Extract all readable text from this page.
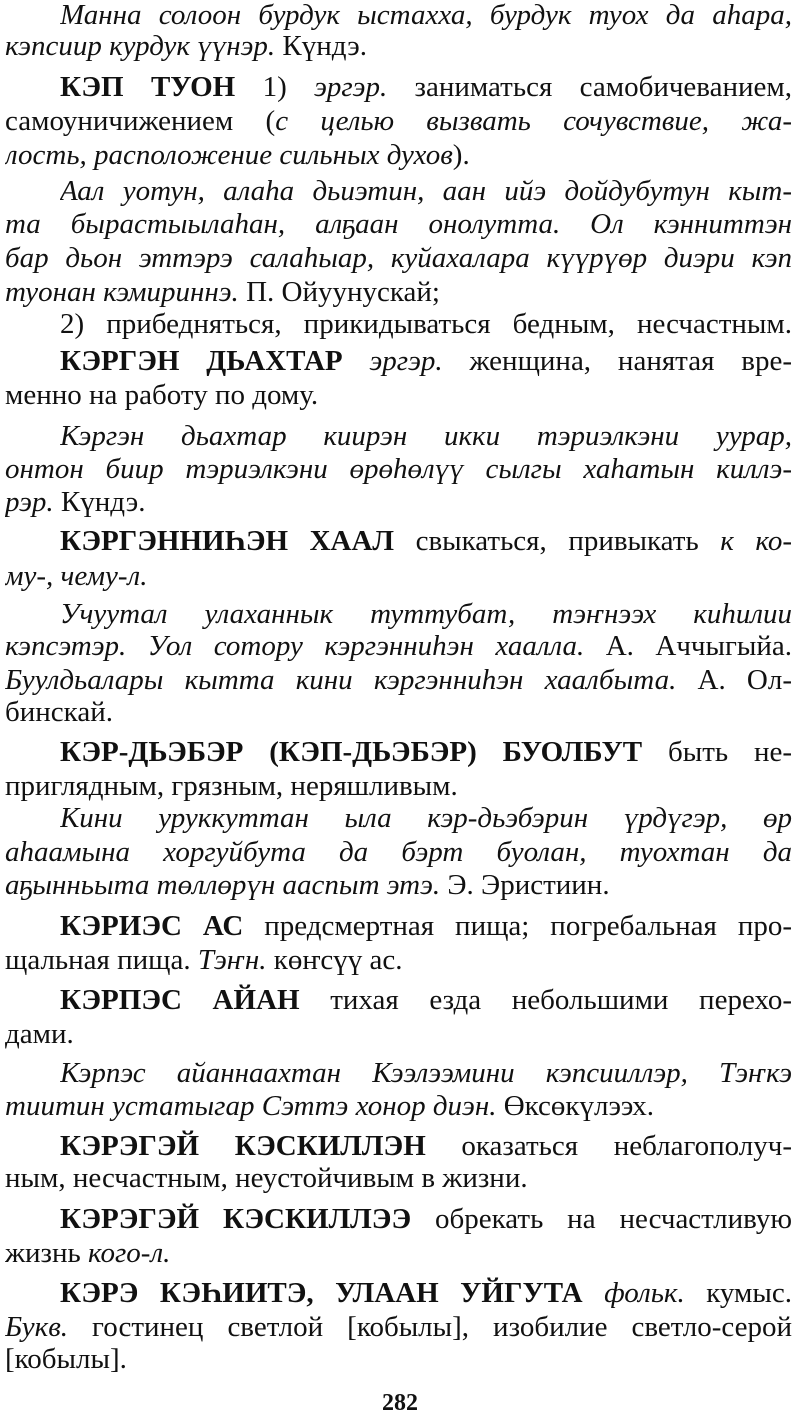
Манна солоон бурдук ыстахха, бурдук туох да аhара,
кэпсиир курдук үүнэр. Күндэ.
КЭП ТУОН 1) эргэр. заниматься самобичеванием,
самоуничижением (с целью вызвать сочувствие, жа-
лость, расположение сильных духов).
Аал уотун, алаhа дьиэтин, аан ийэ дойдубутун кыт-
та бырастыылаhан, алҕаан онолутта. Ол кэнниттэн
бар дьон эттэрэ салаhыар, куйахалара күүрүөр диэри кэп
туонан кэмириннэ. П. Ойуунускай;
2) прибедняться, прикидываться бедным, несчастным.
КЭРГЭН ДЬАХТАР эргэр. женщина, нанятая вре-
менно на работу по дому.
Кэргэн дьахтар киирэн икки тэриэлкэни уурар,
онтон биир тэриэлкэни өрөhөлүү сылгы хаhатын киллэ-
рэр. Күндэ.
КЭРГЭННИҺЭН ХААЛ свыкаться, привыкать к ко-
му-, чему-л.
Учуутал улаханнык туттубат, тэҥнээх киhилии
кэпсэтэр. Уол сотору кэргэнниhэн хаалла. А. Аччыгыйа.
Буулдьалары кытта кини кэргэнниhэн хаалбыта. А. Ол-
бинскай.
КЭР-ДЬЭБЭР (КЭП-ДЬЭБЭР) БУОЛБУТ быть не-
приглядным, грязным, неряшливым.
Кини уруккуттан ыла кэр-дьэбэрин үрдүгэр, өр
аhаамына хоргуйбута да бэрт буолан, туохтан да
аҕынньыта төллөрүн ааспыт этэ. Э. Эристиин.
КЭРИЭС АС предсмертная пища; погребальная про-
щальная пища. Тэҥн. көҥсүү ас.
КЭРПЭС АЙАН тихая езда небольшими перехо-
дами.
Кэрпэс айаннаахтан Кээлээмини кэпсииллэр, Тэҥкэ
тиитин устатыгар Сэттэ хонор диэн. Өксөкүлээх.
КЭРЭГЭЙ КЭСКИЛЛЭН оказаться неблагополуч-
ным, несчастным, неустойчивым в жизни.
КЭРЭГЭЙ КЭСКИЛЛЭЭ обрекать на несчастливую
жизнь кого-л.
КЭРЭ КЭҺИИТЭ, УЛААН УЙГУТА фольк. кумыс.
Букв. гостинец светлой [кобылы], изобилие светло-серой
[кобылы].
282
